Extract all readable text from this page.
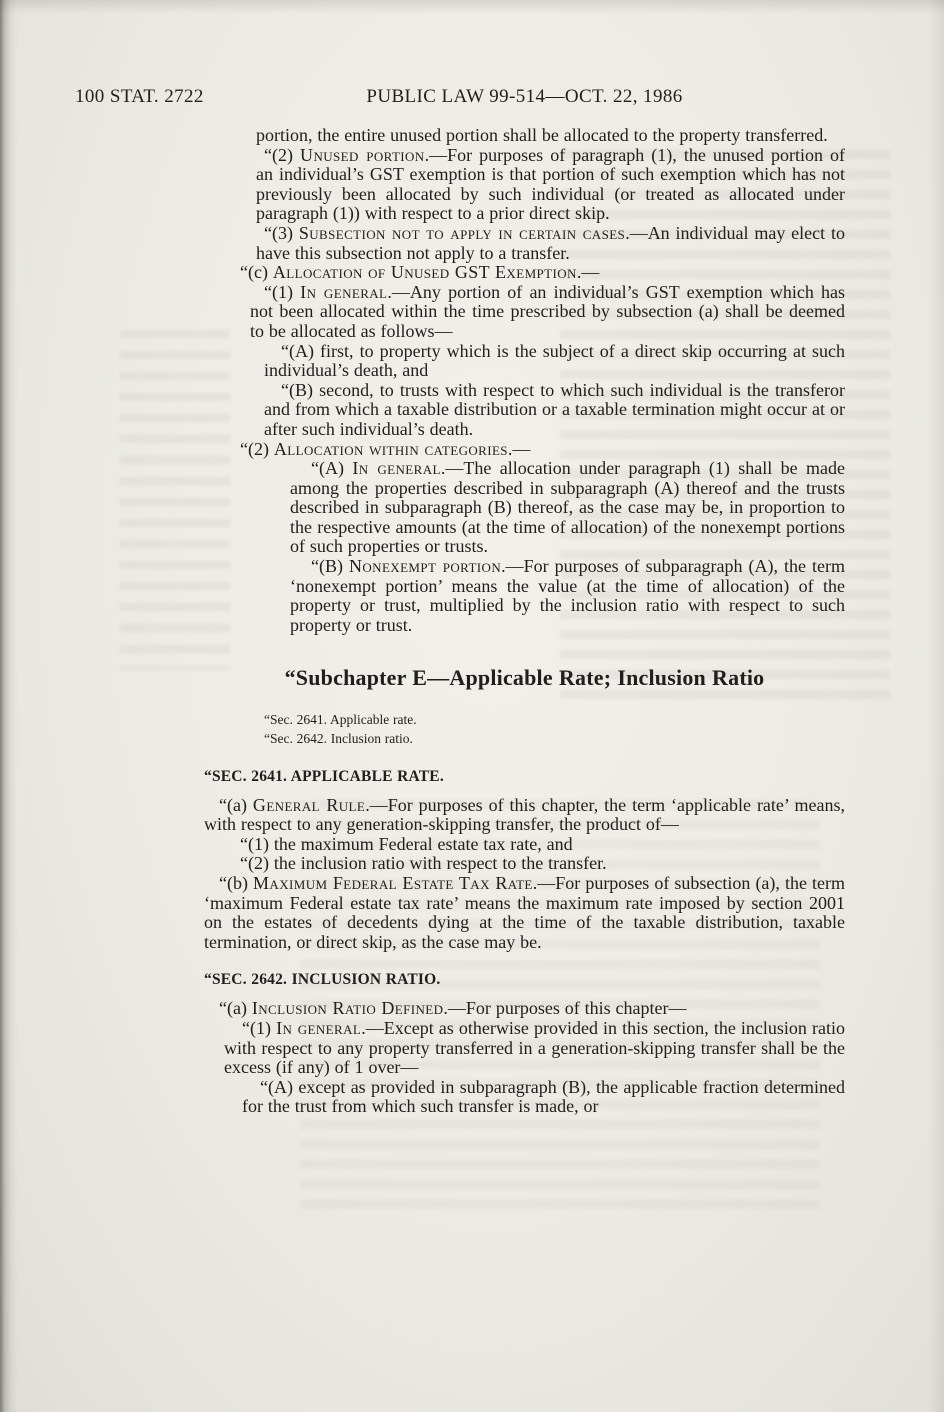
100 STAT. 2722	PUBLIC LAW 99-514—OCT. 22, 1986

portion, the entire unused portion shall be allocated to the property transferred.

“(2) Unused portion.—For purposes of paragraph (1), the unused portion of an individual’s GST exemption is that portion of such exemption which has not previously been allocated by such individual (or treated as allocated under paragraph (1)) with respect to a prior direct skip.

“(3) Subsection not to apply in certain cases.—An individual may elect to have this subsection not apply to a transfer.

“(c) Allocation of Unused GST Exemption.—

“(1) In general.—Any portion of an individual’s GST exemption which has not been allocated within the time prescribed by subsection (a) shall be deemed to be allocated as follows—

“(A) first, to property which is the subject of a direct skip occurring at such individual’s death, and

“(B) second, to trusts with respect to which such individual is the transferor and from which a taxable distribution or a taxable termination might occur at or after such individual’s death.

“(2) Allocation within categories.—

“(A) In general.—The allocation under paragraph (1) shall be made among the properties described in subparagraph (A) thereof and the trusts described in subparagraph (B) thereof, as the case may be, in proportion to the respective amounts (at the time of allocation) of the nonexempt portions of such properties or trusts.

“(B) Nonexempt portion.—For purposes of subparagraph (A), the term ‘nonexempt portion’ means the value (at the time of allocation) of the property or trust, multiplied by the inclusion ratio with respect to such property or trust.

“Subchapter E—Applicable Rate; Inclusion Ratio

“Sec. 2641. Applicable rate.

“Sec. 2642. Inclusion ratio.

“SEC. 2641. APPLICABLE RATE.

“(a) General Rule.—For purposes of this chapter, the term ‘applicable rate’ means, with respect to any generation-skipping transfer, the product of—

“(1) the maximum Federal estate tax rate, and

“(2) the inclusion ratio with respect to the transfer.

“(b) Maximum Federal Estate Tax Rate.—For purposes of subsection (a), the term ‘maximum Federal estate tax rate’ means the maximum rate imposed by section 2001 on the estates of decedents dying at the time of the taxable distribution, taxable termination, or direct skip, as the case may be.

“SEC. 2642. INCLUSION RATIO.

“(a) Inclusion Ratio Defined.—For purposes of this chapter—

“(1) In general.—Except as otherwise provided in this section, the inclusion ratio with respect to any property transferred in a generation-skipping transfer shall be the excess (if any) of 1 over—

“(A) except as provided in subparagraph (B), the applicable fraction determined for the trust from which such transfer is made, or
